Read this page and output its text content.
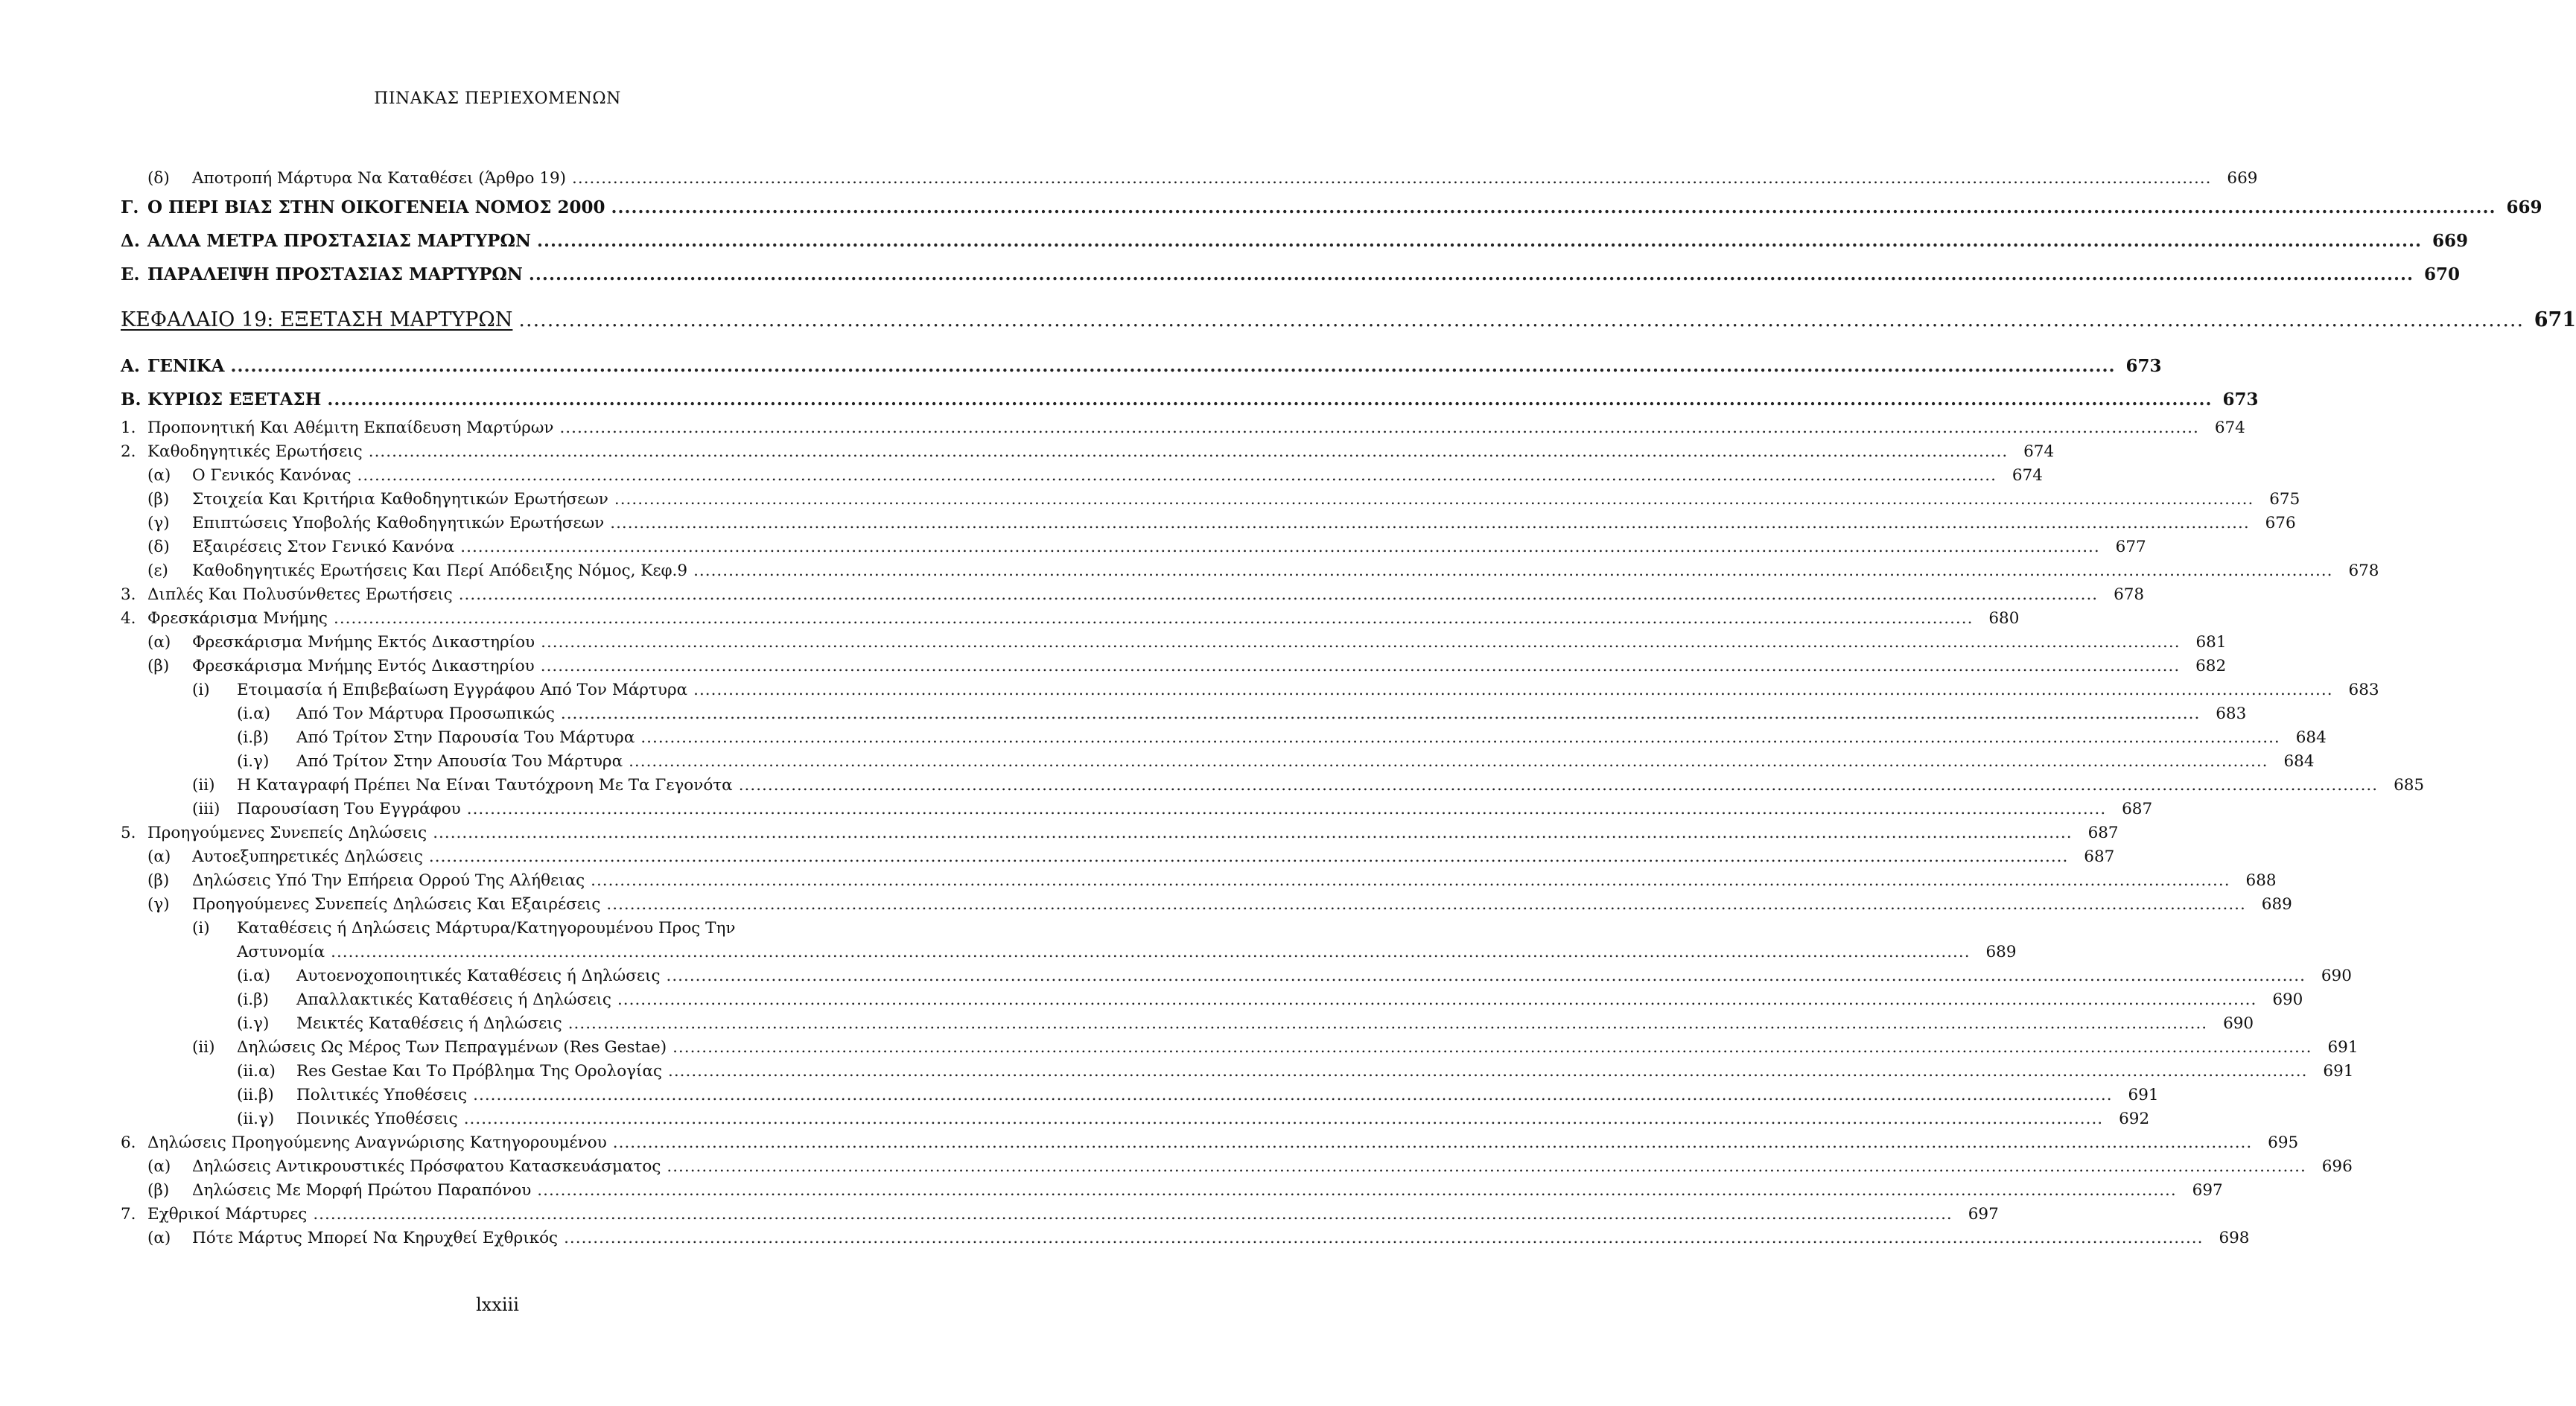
ΠΙΝΑΚΑΣ ΠΕΡΙΕΧΟΜΕΝΩΝ
(δ)	Αποτροπή Μάρτυρα Να Καταθέσει (Άρθρο 19) .....	669
Γ. Ο ΠΕΡΙ ΒΙΑΣ ΣΤΗΝ ΟΙΚΟΓΕΝΕΙΑ ΝΟΜΟΣ 2000 .....	669
Δ. ΑΛΛΑ ΜΕΤΡΑ ΠΡΟΣΤΑΣΙΑΣ ΜΑΡΤΥΡΩΝ .....	669
Ε. ΠΑΡΑΛΕΙΨΗ ΠΡΟΣΤΑΣΙΑΣ ΜΑΡΤΥΡΩΝ .....	670
ΚΕΦΑΛΑΙΟ 19: ΕΞΕΤΑΣΗ ΜΑΡΤΥΡΩΝ .....	671
Α. ΓΕΝΙΚΑ .....	673
Β. ΚΥΡΙΩΣ ΕΞΕΤΑΣΗ .....	673
1. Προπονητική Και Αθέμιτη Εκπαίδευση Μαρτύρων .....	674
2. Καθοδηγητικές Ερωτήσεις .....	674
(α)	Ο Γενικός Κανόνας .....	674
(β)	Στοιχεία Και Κριτήρια Καθοδηγητικών Ερωτήσεων .....	675
(γ)	Επιπτώσεις Υποβολής Καθοδηγητικών Ερωτήσεων .....	676
(δ)	Εξαιρέσεις Στον Γενικό Κανόνα .....	677
(ε)	Καθοδηγητικές Ερωτήσεις Και Περί Απόδειξης Νόμος, Κεφ.9 .....	678
3. Διπλές Και Πολυσύνθετες Ερωτήσεις .....	678
4. Φρεσκάρισμα Μνήμης .....	680
(α)	Φρεσκάρισμα Μνήμης Εκτός Δικαστηρίου .....	681
(β)	Φρεσκάρισμα Μνήμης Εντός Δικαστηρίου .....	682
(i)	Ετοιμασία ή Επιβεβαίωση Εγγράφου Από Τον Μάρτυρα .....	683
(i.α)	Από Τον Μάρτυρα Προσωπικώς .....	683
(i.β)	Από Τρίτον Στην Παρουσία Του Μάρτυρα .....	684
(i.γ)	Από Τρίτον Στην Απουσία Του Μάρτυρα .....	684
(ii)	Η Καταγραφή Πρέπει Να Είναι Ταυτόχρονη Με Τα Γεγονότα .....	685
(iii)	Παρουσίαση Του Εγγράφου .....	687
5. Προηγούμενες Συνεπείς Δηλώσεις .....	687
(α)	Αυτοεξυπηρετικές Δηλώσεις .....	687
(β)	Δηλώσεις Υπό Την Επήρεια Ορρού Της Αλήθειας .....	688
(γ)	Προηγούμενες Συνεπείς Δηλώσεις Και Εξαιρέσεις .....	689
(i)	Καταθέσεις ή Δηλώσεις Μάρτυρα/Κατηγορουμένου Προς Την
Αστυνομία .....	689
(i.α)	Αυτοενοχοποιητικές Καταθέσεις ή Δηλώσεις .....	690
(i.β)	Απαλλακτικές Καταθέσεις ή Δηλώσεις .....	690
(i.γ)	Μεικτές Καταθέσεις ή Δηλώσεις .....	690
(ii)	Δηλώσεις Ως Μέρος Των Πεπραγμένων (Res Gestae) .....	691
(ii.α)	Res Gestae Και Το Πρόβλημα Της Ορολογίας .....	691
(ii.β)	Πολιτικές Υποθέσεις .....	691
(ii.γ)	Ποινικές Υποθέσεις .....	692
6. Δηλώσεις Προηγούμενης Αναγνώρισης Κατηγορουμένου .....	695
(α)	Δηλώσεις Αντικρουστικές Πρόσφατου Κατασκευάσματος .....	696
(β)	Δηλώσεις Με Μορφή Πρώτου Παραπόνου .....	697
7. Εχθρικοί Μάρτυρες .....	697
(α)	Πότε Μάρτυς Μπορεί Να Κηρυχθεί Εχθρικός .....	698
lxxiii
